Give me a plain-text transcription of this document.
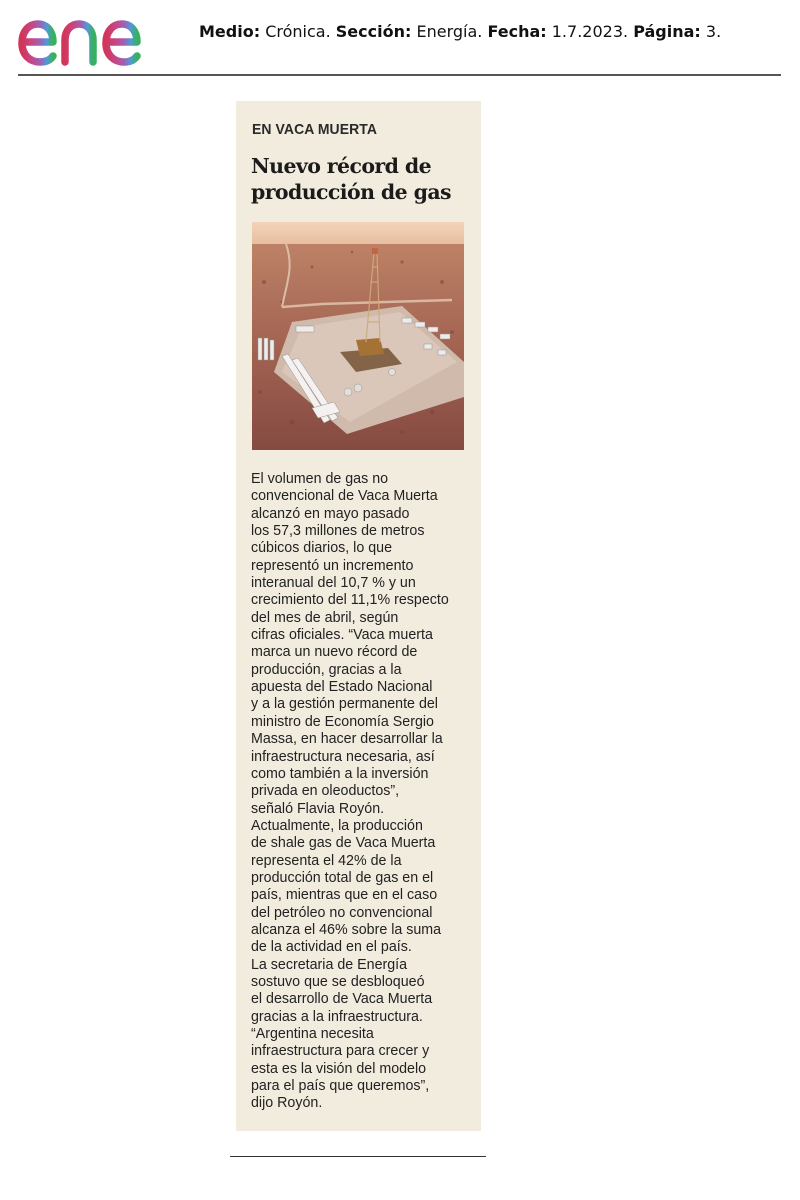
Medio: Crónica. Sección: Energía. Fecha: 1.7.2023. Página: 3.
EN VACA MUERTA
Nuevo récord de
producción de gas

El volumen de gas no

convencional de Vaca Muerta

alcanzó en mayo pasado

los 57,3 millones de metros

cúbicos diarios, lo que

representó un incremento

interanual del 10,7 % y un

crecimiento del 11,1% respecto

del mes de abril, según

cifras oficiales. “Vaca muerta

marca un nuevo récord de

producción, gracias a la

apuesta del Estado Nacional

y a la gestión permanente del

ministro de Economía Sergio

Massa, en hacer desarrollar la

infraestructura necesaria, así

como también a la inversión

privada en oleoductos”,

señaló Flavia Royón.

Actualmente, la producción

de shale gas de Vaca Muerta

representa el 42% de la

producción total de gas en el

país, mientras que en el caso

del petróleo no convencional

alcanza el 46% sobre la suma

de la actividad en el país.

La secretaria de Energía

sostuvo que se desbloqueó

el desarrollo de Vaca Muerta

gracias a la infraestructura.

“Argentina necesita

infraestructura para crecer y

esta es la visión del modelo

para el país que queremos”,

dijo Royón.
